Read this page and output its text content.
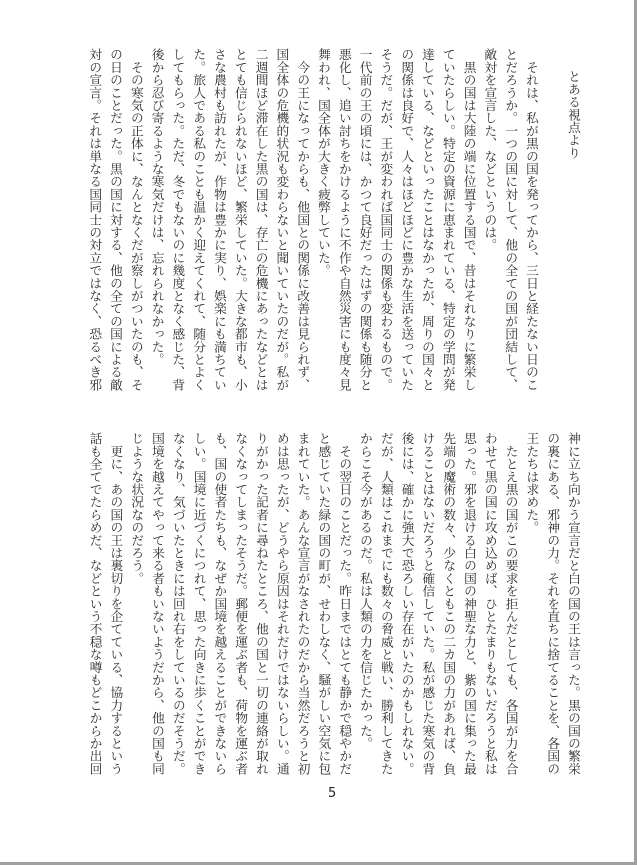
とある視点より
　それは、私が黒の国を発ってから、三日と経たない日のこ
とだろうか。一つの国に対して、他の全ての国が団結して、
敵対を宣言した、などというのは。
　黒の国は大陸の端に位置する国で、昔はそれなりに繁栄し
ていたらしい。特定の資源に恵まれている、特定の学問が発
達している、などといったことはなかったが、周りの国々と
の関係は良好で、人々はほどほどに豊かな生活を送っていた
そうだ。だが、王が変われば国同士の関係も変わるもので。
一代前の王の頃には、かつて良好だったはずの関係も随分と
悪化し、追い討ちをかけるように不作や自然災害にも度々見
舞われ、国全体が大きく疲弊していた。
　今の王になってからも、他国との関係に改善は見られず、
国全体の危機的状況も変わらないと聞いていたのだが。私が
二週間ほど滞在した黒の国は、存亡の危機にあったなどとは
とても信じられないほど、繁栄していた。大きな都市も、小
さな農村も訪れたが、作物は豊かに実り、娯楽にも満ちてい
た。旅人である私のことも温かく迎えてくれて、随分とよく
してもらった。ただ、冬でもないのに幾度となく感じた、背
後から忍び寄るような寒気だけは、忘れられなかった。
　その寒気の正体に、なんとなくだが察しがついたのも、そ
の日のことだった。黒の国に対する、他の全ての国による敵
対の宣言。それは単なる国同士の対立ではなく、恐るべき邪
神に立ち向かう宣言だと白の国の王は言った。黒の国の繁栄
の裏にある、邪神の力。それを直ちに捨てることを、各国の
王たちは求めた。
　たとえ黒の国がこの要求を拒んだとしても、各国が力を合
わせて黒の国に攻め込めば、ひとたまりもないだろうと私は
思った。邪を退ける白の国の神聖な力と、紫の国に集った最
先端の魔術の数々、少なくともこの二カ国の力があれば、負
けることはないだろうと確信していた。私が感じた寒気の背
後には、確かに強大で恐ろしい存在がいたのかもしれない。
だが、人類はこれまでにも数々の脅威と戦い、勝利してきた
からこそ今があるのだ。私は人類の力を信じたかった。
　その翌日のことだった。昨日まではとても静かで穏やかだ
と感じていた緑の国の町が、せわしなく、騒がしい空気に包
まれていた。あんな宣言がなされたのだから当然だろうと初
めは思ったが、どうやら原因はそれだけではないらしい。通
りがかった記者に尋ねたところ、他の国と一切の連絡が取れ
なくなってしまったそうだ。郵便を運ぶ者も、荷物を運ぶ者
も、国の使者たちも、なぜか国境を越えることができないら
しい。国境に近づくにつれて、思った向きに歩くことができ
なくなり、気づいたときには回れ右をしているのだそうだ。
国境を越えてやって来る者もいないようだから、他の国も同
じような状況なのだろう。
　更に、あの国の王は裏切りを企てている、協力するという
話も全てでたらめだ、などという不穏な噂もどこからか出回
5
